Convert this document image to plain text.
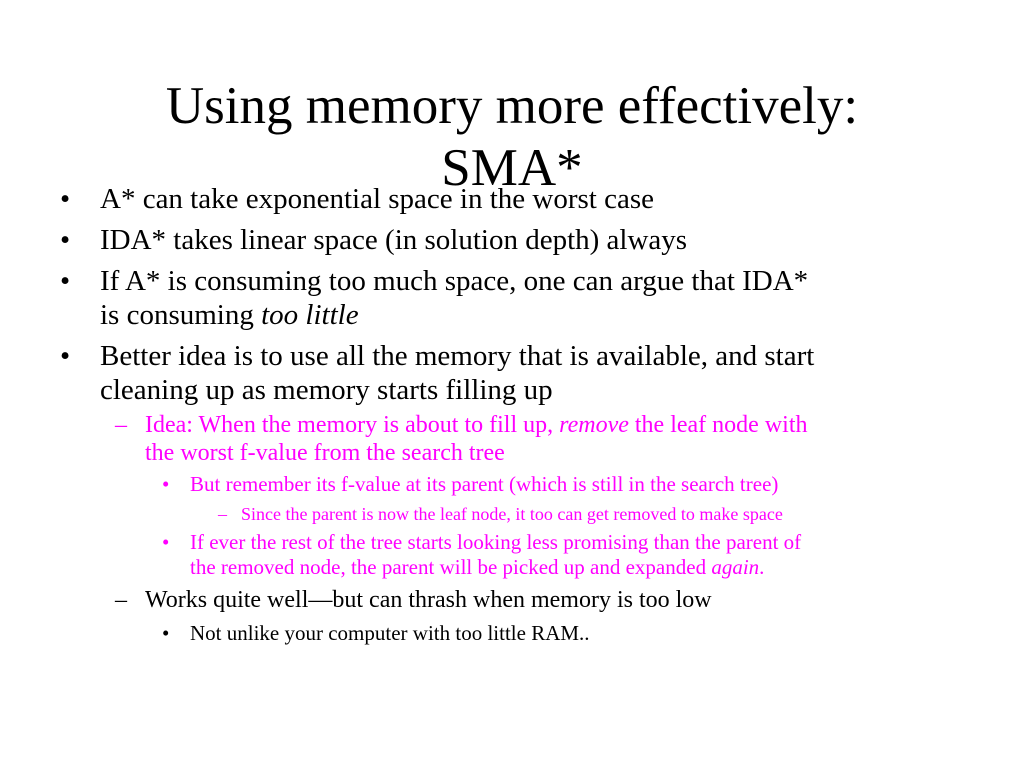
Using memory more effectively:
SMA*
• A* can take exponential space in the worst case
• IDA* takes linear space (in solution depth) always
• If A* is consuming too much space, one can argue that IDA*
is consuming too little
• Better idea is to use all the memory that is available, and start
cleaning up as memory starts filling up
– Idea: When the memory is about to fill up, remove the leaf node with
the worst f-value from the search tree
• But remember its f-value at its parent (which is still in the search tree)
– Since the parent is now the leaf node, it too can get removed to make space
• If ever the rest of the tree starts looking less promising than the parent of
the removed node, the parent will be picked up and expanded again.
– Works quite well—but can thrash when memory is too low
• Not unlike your computer with too little RAM..
